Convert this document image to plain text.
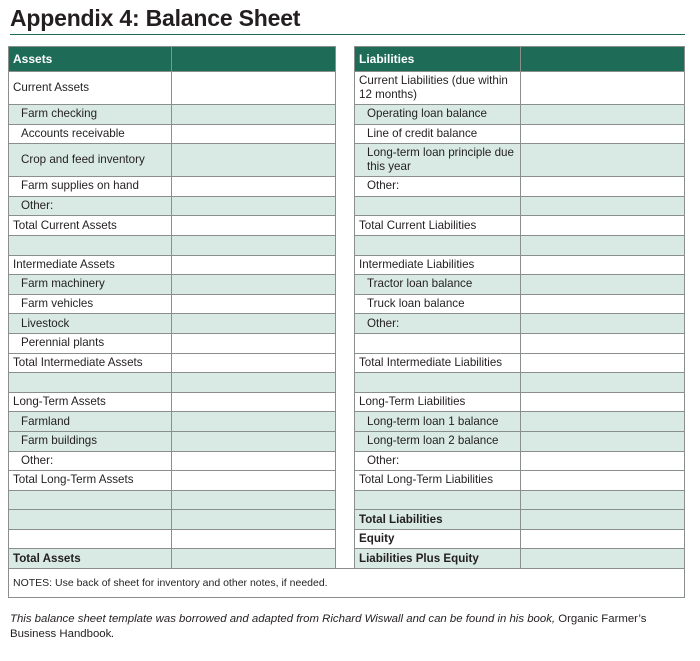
Appendix 4: Balance Sheet
Assets			Liabilities	
Current Assets			Current Liabilities (due within 12 months)	
Farm checking			Operating loan balance	
Accounts receivable			Line of credit balance	
Crop and feed inventory			Long-term loan principle due this year	
Farm supplies on hand			Other:	
Other:				
Total Current Assets			Total Current Liabilities	

Intermediate Assets			Intermediate Liabilities	
Farm machinery			Tractor loan balance	
Farm vehicles			Truck loan balance	
Livestock			Other:	
Perennial plants				
Total Intermediate Assets			Total Intermediate Liabilities	

Long-Term Assets			Long-Term Liabilities	
Farmland			Long-term loan 1 balance	
Farm buildings			Long-term loan 2 balance	
Other:			Other:	
Total Long-Term Assets			Total Long-Term Liabilities	

			Total Liabilities	
			Equity	
Total Assets			Liabilities Plus Equity	
NOTES: Use back of sheet for inventory and other notes, if needed.				
This balance sheet template was borrowed and adapted from Richard Wiswall and can be found in his book, Organic Farmer’s Business Handbook.
